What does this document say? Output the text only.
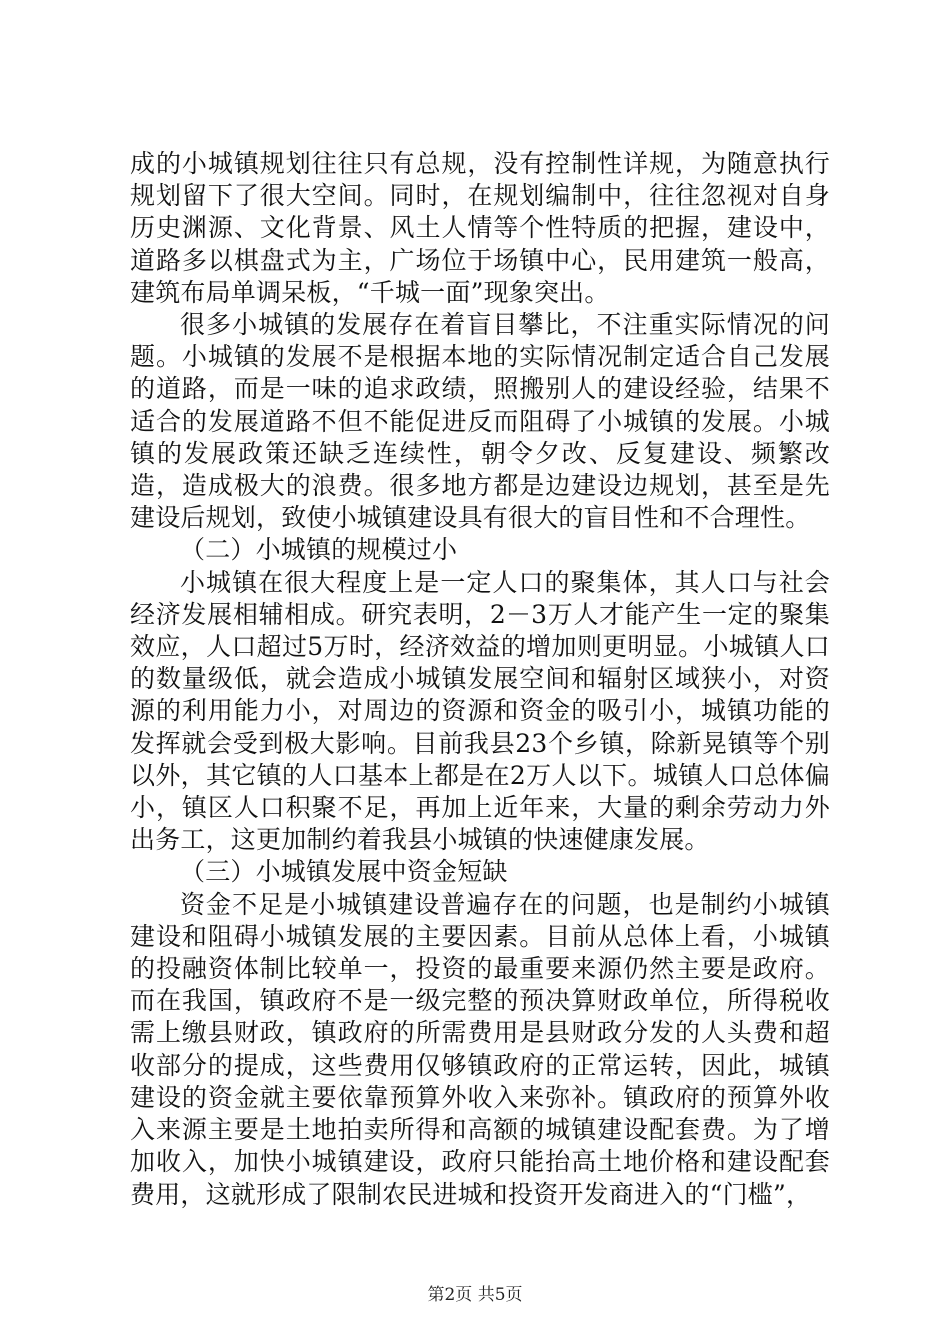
成的小城镇规划往往只有总规，没有控制性详规，为随意执行规划留下了很大空间。同时，在规划编制中，往往忽视对自身历史渊源、文化背景、风土人情等个性特质的把握，建设中，道路多以棋盘式为主，广场位于场镇中心，民用建筑一般高，建筑布局单调呆板，“千城一面”现象突出。

很多小城镇的发展存在着盲目攀比，不注重实际情况的问题。小城镇的发展不是根据本地的实际情况制定适合自己发展的道路，而是一味的追求政绩，照搬别人的建设经验，结果不适合的发展道路不但不能促进反而阻碍了小城镇的发展。小城镇的发展政策还缺乏连续性，朝令夕改、反复建设、频繁改造，造成极大的浪费。很多地方都是边建设边规划，甚至是先建设后规划，致使小城镇建设具有很大的盲目性和不合理性。

（二）小城镇的规模过小

小城镇在很大程度上是一定人口的聚集体，其人口与社会经济发展相辅相成。研究表明，2－3万人才能产生一定的聚集效应，人口超过5万时，经济效益的增加则更明显。小城镇人口的数量级低，就会造成小城镇发展空间和辐射区域狭小，对资源的利用能力小，对周边的资源和资金的吸引小，城镇功能的发挥就会受到极大影响。目前我县23个乡镇，除新晃镇等个别以外，其它镇的人口基本上都是在2万人以下。城镇人口总体偏小，镇区人口积聚不足，再加上近年来，大量的剩余劳动力外出务工，这更加制约着我县小城镇的快速健康发展。

（三）小城镇发展中资金短缺

资金不足是小城镇建设普遍存在的问题，也是制约小城镇建设和阻碍小城镇发展的主要因素。目前从总体上看，小城镇的投融资体制比较单一，投资的最重要来源仍然主要是政府。而在我国，镇政府不是一级完整的预决算财政单位，所得税收需上缴县财政，镇政府的所需费用是县财政分发的人头费和超收部分的提成，这些费用仅够镇政府的正常运转，因此，城镇建设的资金就主要依靠预算外收入来弥补。镇政府的预算外收入来源主要是土地拍卖所得和高额的城镇建设配套费。为了增加收入，加快小城镇建设，政府只能抬高土地价格和建设配套费用，这就形成了限制农民进城和投资开发商进入的“门槛”，

第2页 共5页
